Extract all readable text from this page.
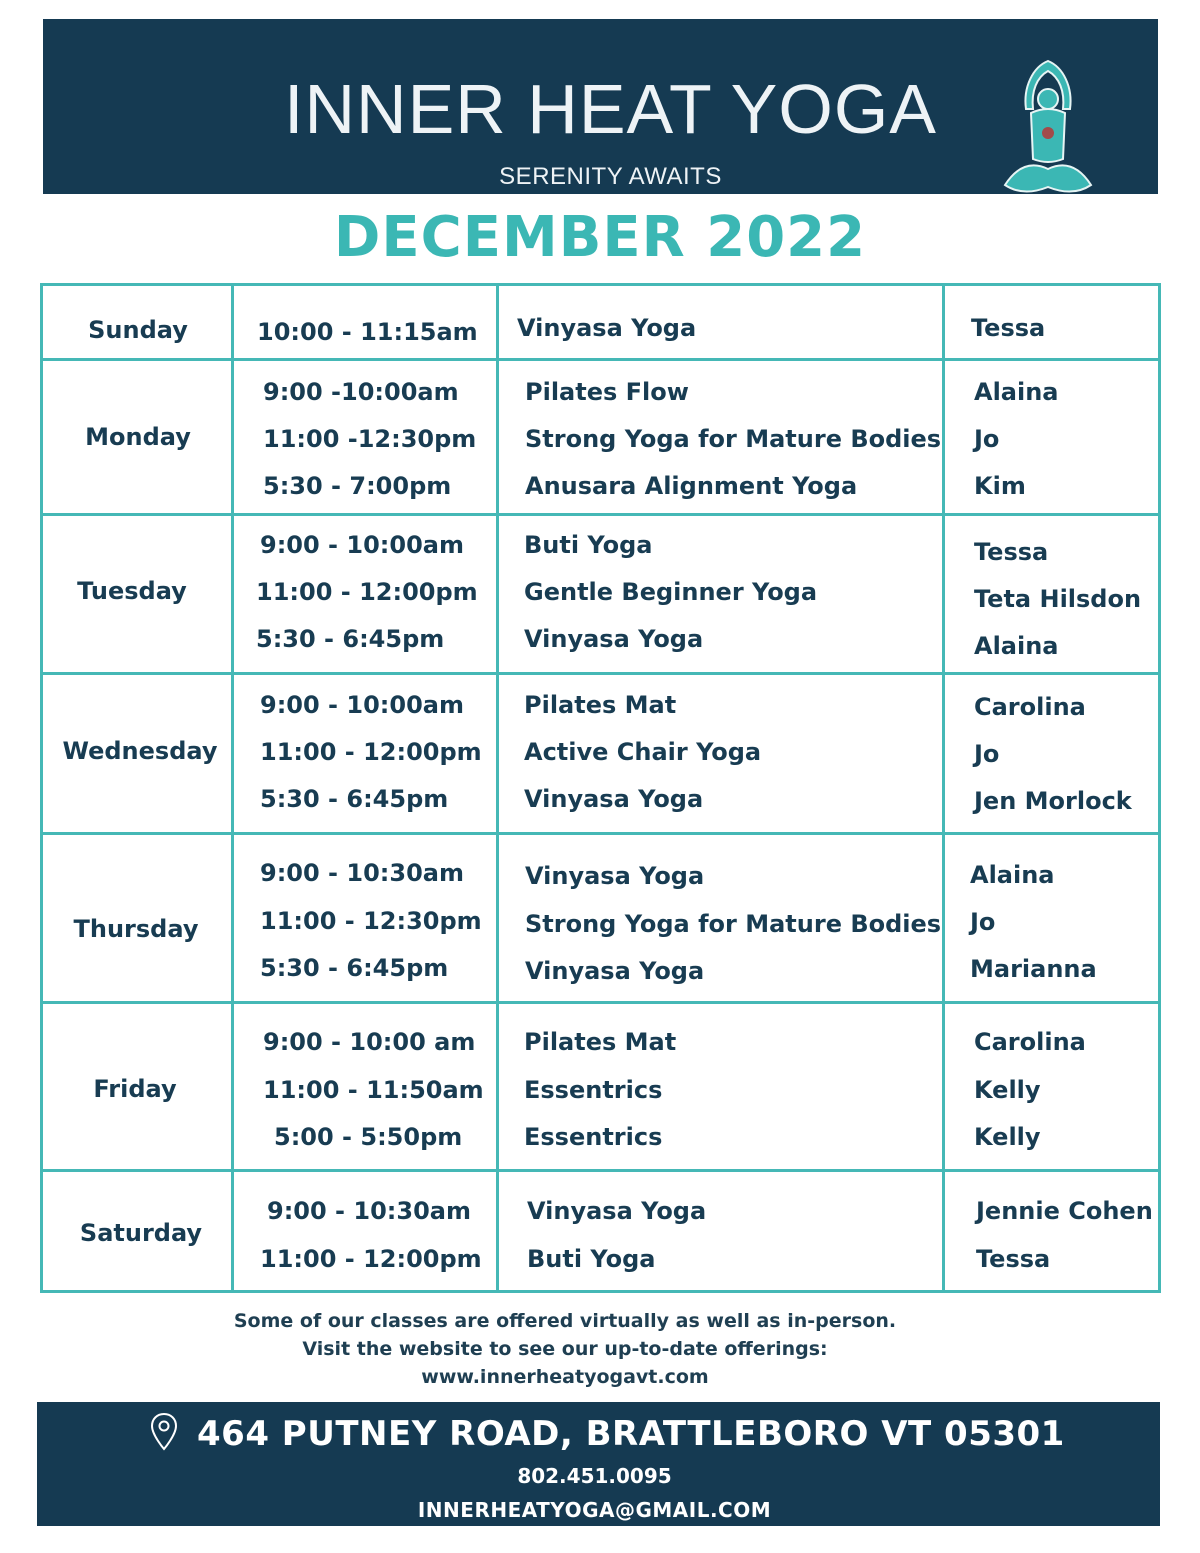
INNER HEAT YOGA
SERENITY AWAITS
DECEMBER 2022
Sunday	10:00 - 11:15am Vinyasa Yoga	Tessa
Monday
9:00 -10:00am
11:00 -12:30pm
5:30 - 7:00pm
Pilates Flow
Strong Yoga for Mature Bodies
Anusara Alignment Yoga
Alaina
Jo
Kim
Tuesday
9:00 - 10:00am
11:00 - 12:00pm
5:30 - 6:45pm
Buti Yoga
Gentle Beginner Yoga
Vinyasa Yoga
Tessa
Teta Hilsdon
Alaina
Wednesday
9:00 - 10:00am
11:00 - 12:00pm
5:30 - 6:45pm
Pilates Mat
Active Chair Yoga
Vinyasa Yoga
Carolina
Jo
Jen Morlock
Thursday
9:00 - 10:30am
11:00 - 12:30pm
5:30 - 6:45pm
Vinyasa Yoga
Strong Yoga for Mature Bodies
Vinyasa Yoga
Alaina
Jo
Marianna
Friday
9:00 - 10:00 am
11:00 - 11:50am
5:00 - 5:50pm
Pilates Mat
Essentrics
Essentrics
Carolina
Kelly
Kelly
Saturday
9:00 - 10:30am
11:00 - 12:00pm
Vinyasa Yoga
Buti Yoga
Jennie Cohen
Tessa
Some of our classes are offered virtually as well as in-person.
Visit the website to see our up-to-date offerings:
www.innerheatyogavt.com
464 PUTNEY ROAD, BRATTLEBORO VT 05301
802.451.0095
INNERHEATYOGA@GMAIL.COM
